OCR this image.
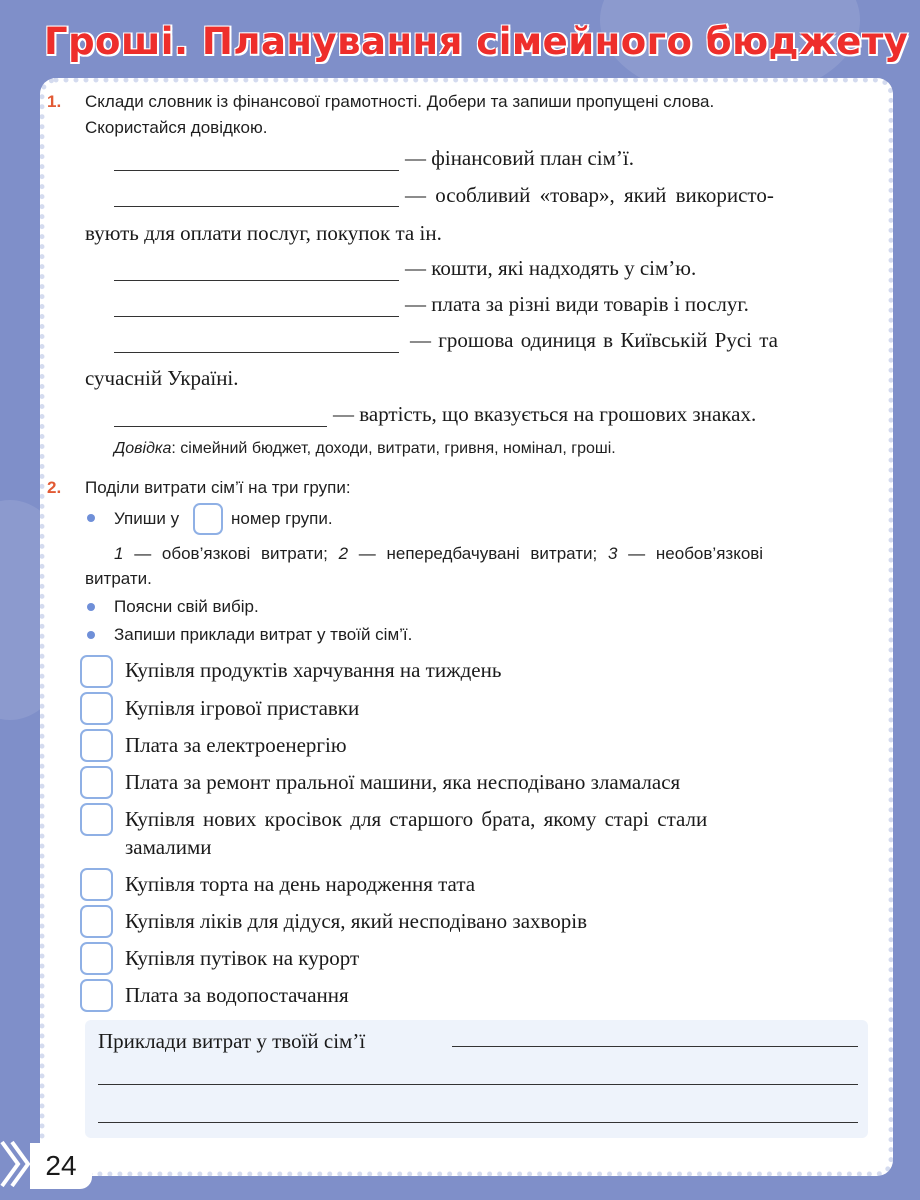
Гроші. Планування сімейного бюджету
1. Склади словник із фінансової грамотності. Добери та запиши пропущені слова.
Скористайся довідкою.
— фінансовий план сім’ї.
— особливий «товар», який використо-
вують для оплати послуг, покупок та ін.
— кошти, які надходять у сім’ю.
— плата за різні види товарів і послуг.
— грошова одиниця в Київській Русі та
сучасній Україні.
— вартість, що вказується на грошових знаках.
Довідка: сімейний бюджет, доходи, витрати, гривня, номінал, гроші.
2. Поділи витрати сім’ї на три групи:
Упиши у	номер групи.
1 — обов’язкові витрати; 2 — непередбачувані витрати; 3 — необов’язкові
витрати.
Поясни свій вибір.
Запиши приклади витрат у твоїй сім’ї.
Купівля продуктів харчування на тиждень
Купівля ігрової приставки
Плата за електроенергію
Плата за ремонт пральної машини, яка несподівано зламалася
Купівля нових кросівок для старшого брата, якому старі стали
замалими
Купівля торта на день народження тата
Купівля ліків для дідуся, який несподівано захворів
Купівля путівок на курорт
Плата за водопостачання
Приклади витрат у твоїй сім’ї
24
